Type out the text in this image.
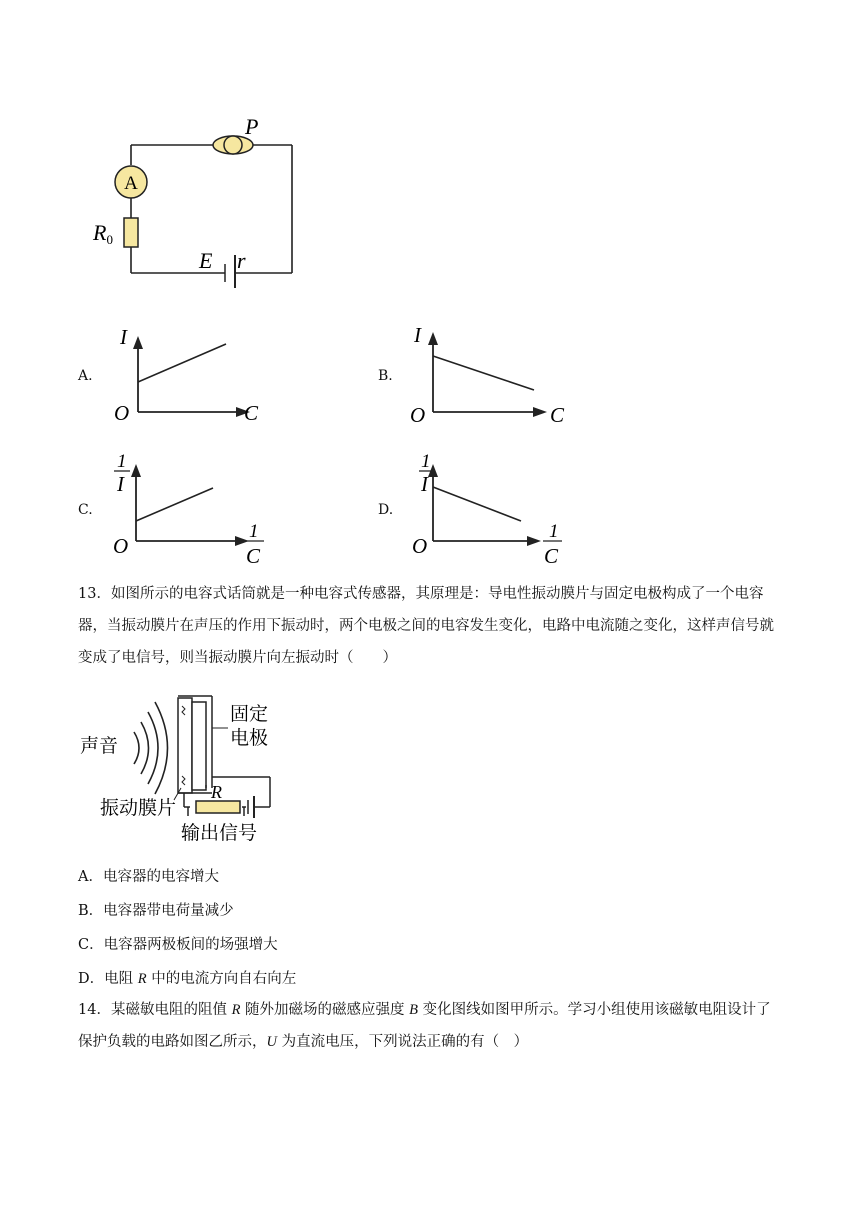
P
A
R0
E r
A.
I
C
O
B.
I
C
O
C.
1
I
1
C
O
D.
1
I
1
C
O
13．如图所示的电容式话筒就是一种电容式传感器，其原理是：导电性振动膜片与固定电极构成了一个电容器，当振动膜片在声压的作用下振动时，两个电极之间的电容发生变化，电路中电流随之变化，这样声信号就变成了电信号，则当振动膜片向左振动时（　　）
声音
固定
电极
振动膜片
R
输出信号
A．电容器的电容增大
B．电容器带电荷量减少
C．电容器两极板间的场强增大
D．电阻 R 中的电流方向自右向左
14．某磁敏电阻的阻值 R 随外加磁场的磁感应强度 B 变化图线如图甲所示。学习小组使用该磁敏电阻设计了保护负载的电路如图乙所示，U 为直流电压，下列说法正确的有（　）
